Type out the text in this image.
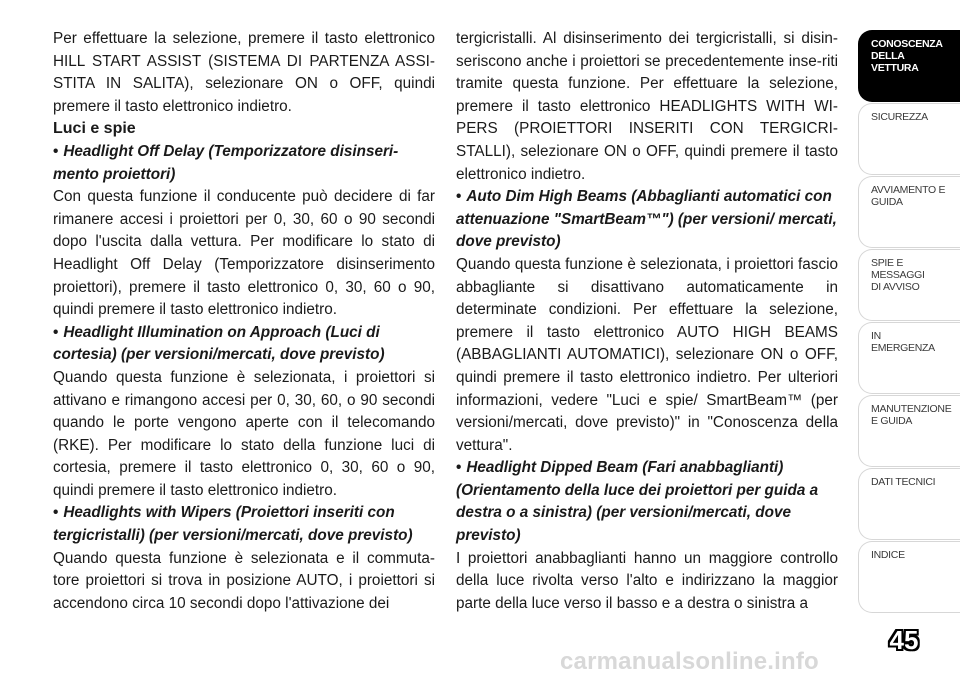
Per effettuare la selezione, premere il tasto elettronico HILL START ASSIST (SISTEMA DI PARTENZA ASSI-STITA IN SALITA), selezionare ON o OFF, quindi premere il tasto elettronico indietro.

Luci e spie

• Headlight Off Delay (Temporizzatore disinseri-mento proiettori)

Con questa funzione il conducente può decidere di far rimanere accesi i proiettori per 0, 30, 60 o 90 secondi dopo l'uscita dalla vettura. Per modificare lo stato di Headlight Off Delay (Temporizzatore disinserimento proiettori), premere il tasto elettronico 0, 30, 60 o 90, quindi premere il tasto elettronico indietro.

• Headlight Illumination on Approach (Luci di cortesia) (per versioni/mercati, dove previsto)

Quando questa funzione è selezionata, i proiettori si attivano e rimangono accesi per 0, 30, 60, o 90 secondi quando le porte vengono aperte con il telecomando (RKE). Per modificare lo stato della funzione luci di cortesia, premere il tasto elettronico 0, 30, 60 o 90, quindi premere il tasto elettronico indietro.

• Headlights with Wipers (Proiettori inseriti con tergicristalli) (per versioni/mercati, dove previsto)

Quando questa funzione è selezionata e il commuta-tore proiettori si trova in posizione AUTO, i proiettori si accendono circa 10 secondi dopo l'attivazione dei

tergicristalli. Al disinserimento dei tergicristalli, si disin-seriscono anche i proiettori se precedentemente inse-riti tramite questa funzione. Per effettuare la selezione, premere il tasto elettronico HEADLIGHTS WITH WI-PERS (PROIETTORI INSERITI CON TERGICRI-STALLI), selezionare ON o OFF, quindi premere il tasto elettronico indietro.

• Auto Dim High Beams (Abbaglianti automatici con attenuazione "SmartBeam™") (per versioni/ mercati, dove previsto)

Quando questa funzione è selezionata, i proiettori fascio abbagliante si disattivano automaticamente in determinate condizioni. Per effettuare la selezione, premere il tasto elettronico AUTO HIGH BEAMS (ABBAGLIANTI AUTOMATICI), selezionare ON o OFF, quindi premere il tasto elettronico indietro. Per ulteriori informazioni, vedere "Luci e spie/ SmartBeam™ (per versioni/mercati, dove previsto)" in "Conoscenza della vettura".

• Headlight Dipped Beam (Fari anabbaglianti) (Orientamento della luce dei proiettori per guida a destra o a sinistra) (per versioni/mercati, dove previsto)

I proiettori anabbaglianti hanno un maggiore controllo della luce rivolta verso l'alto e indirizzano la maggior parte della luce verso il basso e a destra o sinistra a

CONOSCENZA
DELLA VETTURA
SICUREZZA
AVVIAMENTO E
GUIDA
SPIE E
MESSAGGI
DI AVVISO
IN
EMERGENZA
MANUTENZIONE
E GUIDA
DATI TECNICI
INDICE
45
carmanualsonline.info
